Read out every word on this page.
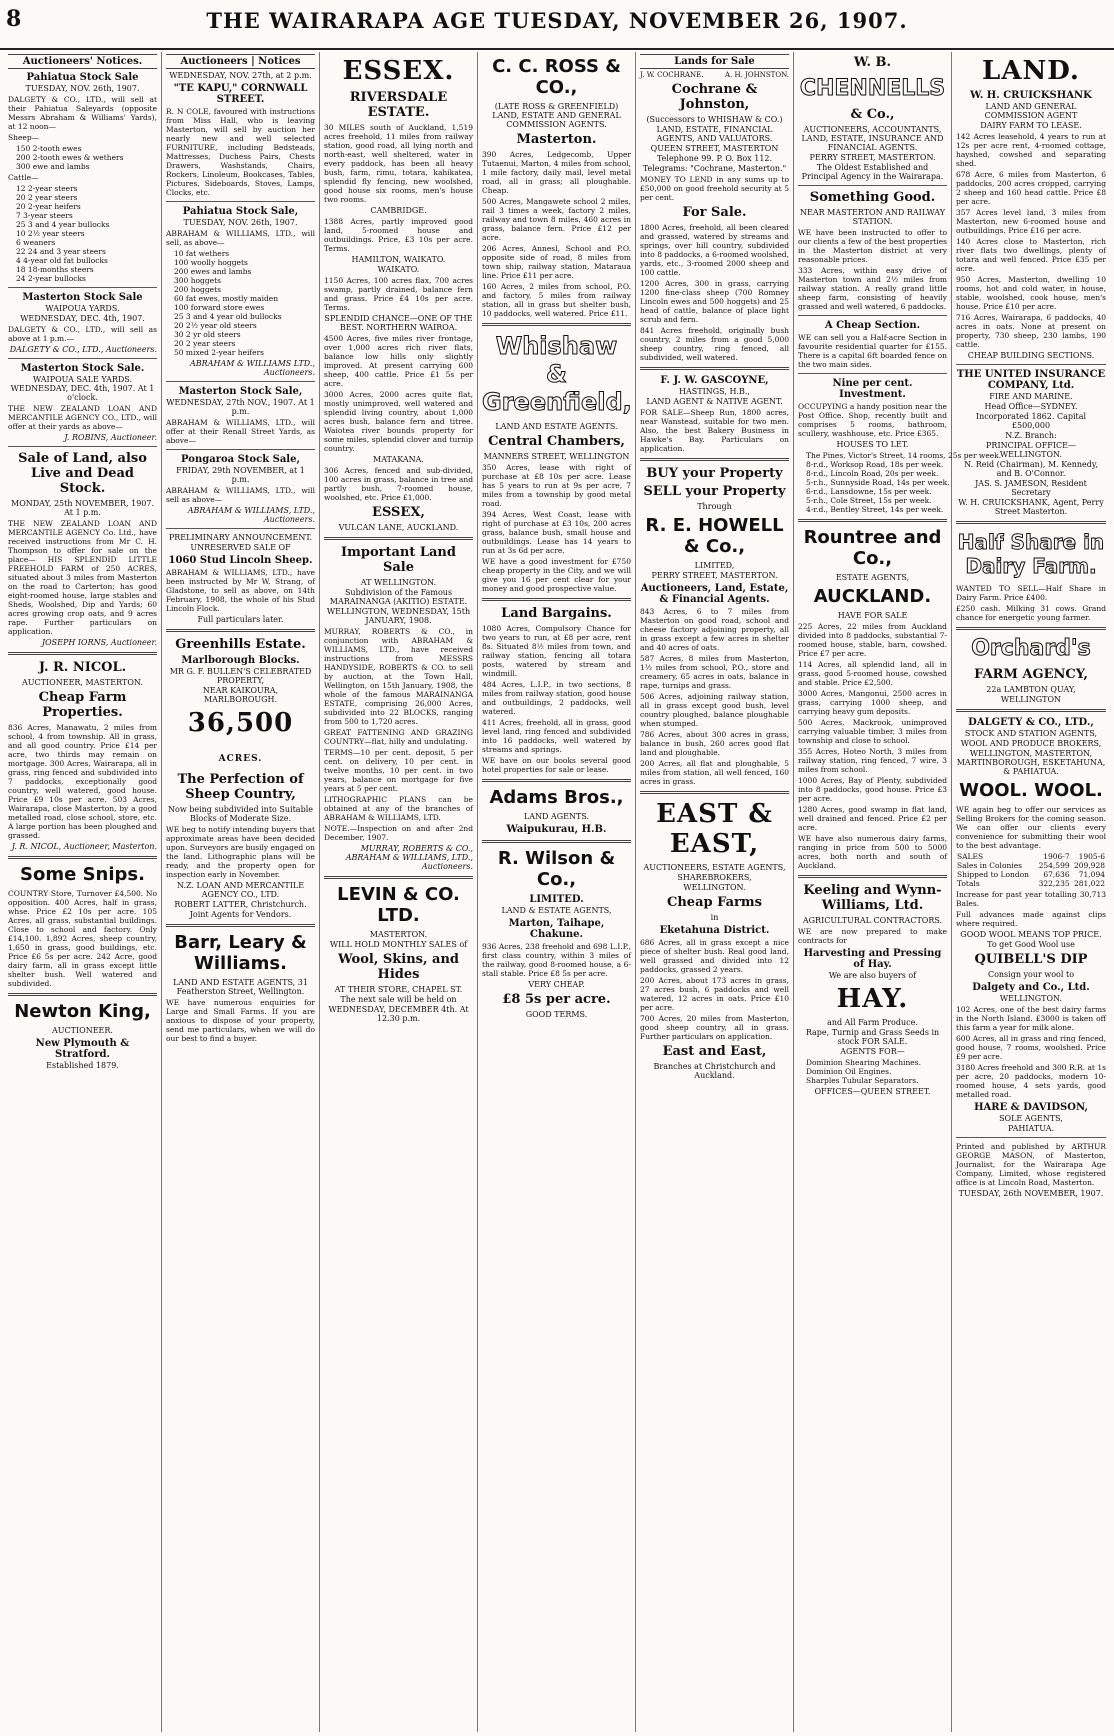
8	THE WAIRARAPA AGE TUESDAY, NOVEMBER 26, 1907.
Auctioneers' Notices.
Pahiatua Stock Sale
TUESDAY, NOV. 26th, 1907.
DALGETY & CO., LTD., will sell at their Pahiatua Saleyards (opposite Messrs Abraham & Williams' Yards), at 12 noon—
Sheep—
150 2-tooth ewes
200 2-tooth ewes & wethers
300 ewe and lambs
Cattle—
12 2-year steers
20 2 year steers
20 2-year heifers
7 3-year steers
25 3 and 4 year bullocks
10 2½ year steers
6 weaners
22 24 and 3 year steers
4 4-year old fat bullocks
18 18-months steers
24 2-year bullocks
Masterton Stock Sale
WAIPOUA YARDS.
WEDNESDAY, DEC. 4th, 1907.
DALGETY & CO., LTD., will sell as above at 1 p.m.—
DALGETY & CO., LTD., Auctioneers.
Masterton Stock Sale.
WAIPOUA SALE YARDS. WEDNESDAY, DEC. 4th, 1907. At 1 o'clock.
THE NEW ZEALAND LOAN AND MERCANTILE AGENCY CO., LTD., will offer at their yards as above—
J. ROBINS, Auctioneer.
Sale of Land, also Live and Dead Stock.
MONDAY, 25th NOVEMBER, 1907. At 1 p.m.
THE NEW ZEALAND LOAN AND MERCANTILE AGENCY Co. Ltd., have received instructions from Mr C. H. Thompson to offer for sale on the place— HIS SPLENDID LITTLE FREEHOLD FARM of 250 ACRES, situated about 3 miles from Masterton on the road to Carterton; has good eight-roomed house, large stables and Sheds, Woolshed, Dip and Yards; 60 acres growing crop oats, and 9 acres rape. Further particulars on application.
JOSEPH IORNS, Auctioneer.
J. R. NICOL.
AUCTIONEER, MASTERTON.
Cheap Farm Properties.
836 Acres, Manawatu, 2 miles from school, 4 from township. All in grass, and all good country. Price £14 per acre, two thirds may remain on mortgage. 300 Acres, Wairarapa, all in grass, ring fenced and subdivided into 7 paddocks, exceptionally good country, well watered, good house. Price £9 10s per acre. 503 Acres, Wairarapa, close Masterton, by a good metalled road, close school, store, etc. A large portion has been ploughed and grassed.
J. R. NICOL, Auctioneer, Masterton.
Some Snips.
COUNTRY Store, Turnover £4,500. No opposition. 400 Acres, half in grass, whse. Price £2 10s per acre. 105 Acres, all grass, substantial buildings. Close to school and factory. Only £14,100. 1,892 Acres, sheep country, 1,650 in grass, good buildings, etc. Price £6 5s per acre. 242 Acre, good dairy farm, all in grass except little shelter bush. Well watered and subdivided.
Newton King,
AUCTIONEER.
New Plymouth & Stratford.
Established 1879.
Auctioneers | Notices
WEDNESDAY, NOV. 27th, at 2 p.m.
"TE KAPU," CORNWALL STREET.
R. N COLE, favoured with instructions from Miss Hall, who is leaving Masterton, will sell by auction her nearly new and well selected FURNITURE, including Bedsteads, Mattresses, Duchess Pairs, Chests Drawers, Washstands, Chairs, Rockers, Linoleum, Bookcases, Tables, Pictures, Sideboards, Stoves, Lamps, Clocks, etc.
Pahiatua Stock Sale,
TUESDAY, NOV. 26th, 1907.
ABRAHAM & WILLIAMS, LTD., will sell, as above—
10 fat wethers
100 woolly hoggets
200 ewes and lambs
300 hoggets
200 hoggets
60 fat ewes, mostly maiden
100 forward store ewes
25 3 and 4 year old bullocks
20 2½ year old steers
30 2 yr old steers
20 2 year steers
50 mixed 2-year heifers
ABRAHAM & WILLIAMS LTD., Auctioneers.
Masterton Stock Sale,
WEDNESDAY, 27th NOV., 1907. At 1 p.m.
ABRAHAM & WILLIAMS, LTD., will offer at their Renall Street Yards, as above—
Pongaroa Stock Sale,
FRIDAY, 29th NOVEMBER, at 1 p.m.
ABRAHAM & WILLIAMS, LTD., will sell as above—
ABRAHAM & WILLIAMS, LTD., Auctioneers.
PRELIMINARY ANNOUNCEMENT.
UNRESERVED SALE OF
1060 Stud Lincoln Sheep.
ABRAHAM & WILLIAMS, LTD., have been instructed by Mr W. Strang, of Gladstone, to sell as above, on 14th February, 1908, the whole of his Stud Lincoln Flock.
Full particulars later.
Greenhills Estate.
Marlborough Blocks.
MR G. F. BULLEN'S CELEBRATED PROPERTY,
NEAR KAIKOURA, MARLBOROUGH.
36,500 ACRES.
The Perfection of Sheep Country,
Now being subdivided into Suitable Blocks of Moderate Size.
WE beg to notify intending buyers that approximate areas have been decided upon. Surveyors are busily engaged on the land. Lithographic plans will be ready, and the property open for inspection early in November.
N.Z. LOAN AND MERCANTILE AGENCY CO., LTD.
ROBERT LATTER, Christchurch.
Joint Agents for Vendors.
Barr, Leary & Williams.
LAND AND ESTATE AGENTS, 31 Featherston Street, Wellington.
WE have numerous enquiries for Large and Small Farms. If you are anxious to dispose of your property, send me particulars, when we will do our best to find a buyer.
ESSEX.
RIVERSDALE ESTATE.
30 MILES south of Auckland, 1,519 acres freehold, 11 miles from railway station, good road, all lying north and north-east, well sheltered, water in every paddock, has been all heavy bush, farm, rimu, totara, kahikatea, splendid fly fencing, new woolshed, good house six rooms, men's house two rooms.
CAMBRIDGE.
1388 Acres, partly improved good land, 5-roomed house and outbuildings. Price, £3 10s per acre. Terms.
HAMILTON, WAIKATO.
WAIKATO.
1150 Acres, 100 acres flax, 700 acres swamp, partly drained, balance fern and grass. Price £4 10s per acre. Terms.
SPLENDID CHANCE—ONE OF THE BEST. NORTHERN WAIROA.
4500 Acres, five miles river frontage, over 1,000 acres rich river flats, balance low hills only slightly improved. At present carrying 600 sheep, 400 cattle. Price £1 5s per acre.
3000 Acres, 2000 acres quite flat, mostly unimproved, well watered and splendid living country, about 1,000 acres bush, balance fern and titree. Waiotea river bounds property for some miles, splendid clover and turnip country.
MATAKANA.
306 Acres, fenced and sub-divided, 100 acres in grass, balance in tree and partly bush, 7-roomed house, woolshed, etc. Price £1,000.
ESSEX,
VULCAN LANE, AUCKLAND.
Important Land Sale
AT WELLINGTON.
Subdivision of the Famous MARAINANGA (AKITIO) ESTATE.
WELLINGTON, WEDNESDAY, 15th JANUARY, 1908.
MURRAY, ROBERTS & CO., in conjunction with ABRAHAM & WILLIAMS, LTD., have received instructions from MESSRS HANDYSIDE, ROBERTS & CO. to sell by auction, at the Town Hall, Wellington, on 15th January, 1908, the whole of the famous MARAINANGA ESTATE, comprising 26,000 Acres, subdivided into 22 BLOCKS, ranging from 500 to 1,720 acres.
GREAT FATTENING AND GRAZING COUNTRY—flat, hilly and undulating.
TERMS—10 per cent. deposit, 5 per cent. on delivery, 10 per cent. in twelve months, 10 per cent. in two years, balance on mortgage for five years at 5 per cent.
LITHOGRAPHIC PLANS can be obtained at any of the branches of ABRAHAM & WILLIAMS, LTD.
NOTE.—Inspection on and after 2nd December, 1907.
MURRAY, ROBERTS & CO., ABRAHAM & WILLIAMS, LTD., Auctioneers.
LEVIN & CO. LTD.
MASTERTON.
WILL HOLD MONTHLY SALES of
Wool, Skins, and Hides
AT THEIR STORE, CHAPEL ST.
The next sale will be held on
WEDNESDAY, DECEMBER 4th. At 12.30 p.m.
C. C. ROSS & CO.,
(LATE ROSS & GREENFIELD) LAND, ESTATE AND GENERAL COMMISSION AGENTS.
Masterton.
390 Acres, Ledgecomb, Upper Tutaenui, Marton, 4 miles from school, 1 mile factory, daily mail, level metal road, all in grass; all ploughable. Cheap.
500 Acres, Mangawete school 2 miles, rail 3 times a week, factory 2 miles, railway and town 8 miles, 460 acres in grass, balance fern. Price £12 per acre.
206 Acres, Annesl, School and P.O. opposite side of road, 8 miles from town ship, railway station, Mataraua line. Price £11 per acre.
160 Acres, 2 miles from school, P.O. and factory, 5 miles from railway station, all in grass but shelter bush, 10 paddocks, well watered. Price £11.
Whishaw & Greenfield,
LAND AND ESTATE AGENTS.
Central Chambers,
MANNERS STREET, WELLINGTON
350 Acres, lease with right of purchase at £8 10s per acre. Lease has 5 years to run at 9s per acre, 7 miles from a township by good metal road.
394 Acres, West Coast, lease with right of purchase at £3 10s, 200 acres grass, balance bush, small house and outbuildings. Lease has 14 years to run at 3s 6d per acre.
WE have a good investment for £750 cheap property in the City, and we will give you 16 per cent clear for your money and good prospective value.
Land Bargains.
1080 Acres, Compulsory Chance for two years to run, at £8 per acre, rent 8s. Situated 8½ miles from town, and railway station, fencing all totara posts, watered by stream and windmill.
484 Acres, L.I.P., in two sections, 8 miles from railway station, good house and outbuildings, 2 paddocks, well watered.
411 Acres, freehold, all in grass, good level land, ring fenced and subdivided into 16 paddocks, well watered by streams and springs.
WE have on our books several good hotel properties for sale or lease.
Adams Bros.,
LAND AGENTS.
Waipukurau, H.B.
R. Wilson & Co.,
LIMITED.
LAND & ESTATE AGENTS,
Marton, Taihape, Chakune.
936 Acres, 238 freehold and 698 L.I.P., first class country, within 3 miles of the railway, good 8-roomed house, a 6-stall stable. Price £8 5s per acre.
VERY CHEAP.
£8 5s per acre.
GOOD TERMS.
Lands for Sale
J. W. COCHRANE.	A. H. JOHNSTON.
Cochrane & Johnston,
(Successors to WHISHAW & CO.)
LAND, ESTATE, FINANCIAL AGENTS, AND VALUATORS.
QUEEN STREET, MASTERTON
Telephone 99. P. O. Box 112.
Telegrams: "Cochrane, Masterton."
MONEY TO LEND in any sums up to £50,000 on good freehold security at 5 per cent.
For Sale.
1800 Acres, freehold, all been cleared and grassed, watered by streams and springs, over hill country, subdivided into 8 paddocks, a 6-roomed woolshed, yards, etc., 3-roomed 2000 sheep and 100 cattle.
1200 Acres, 300 in grass, carrying 1200 fine-class sheep (700 Romney Lincoln ewes and 500 hoggets) and 25 head of cattle, balance of place light scrub and fern.
841 Acres freehold, originally bush country, 2 miles from a good 5,000 sheep country, ring fenced, all subdivided, well watered.
F. J. W. GASCOYNE,
HASTINGS, H.B.,
LAND AGENT & NATIVE AGENT.
FOR SALE—Sheep Run, 1800 acres, near Wanstead, suitable for two men. Also, the best Bakery Business in Hawke's Bay. Particulars on application.
BUY your Property
SELL your Property
Through
R. E. HOWELL & Co.,
LIMITED,
PERRY STREET, MASTERTON.
Auctioneers, Land, Estate, & Financial Agents.
843 Acres, 6 to 7 miles from Masterton on good road, school and cheese factory adjoining property, all in grass except a few acres in shelter and 40 acres of oats.
587 Acres, 8 miles from Masterton, 1½ miles from school, P.O., store and creamery, 65 acres in oats, balance in rape, turnips and grass.
506 Acres, adjoining railway station, all in grass except good bush, level country ploughed, balance ploughable when stumped.
786 Acres, about 300 acres in grass, balance in bush, 260 acres good flat land and ploughable.
200 Acres, all flat and ploughable, 5 miles from station, all well fenced, 160 acres in grass.
EAST & EAST,
AUCTIONEERS, ESTATE AGENTS,
SHAREBROKERS,
WELLINGTON.
Cheap Farms
in
Eketahuna District.
686 Acres, all in grass except a nice piece of shelter bush. Real good land, well grassed and divided into 12 paddocks, grassed 2 years.
200 Acres, about 173 acres in grass, 27 acres bush, 6 paddocks and well watered, 12 acres in oats. Price £10 per acre.
700 Acres, 20 miles from Masterton, good sheep country, all in grass. Further particulars on application.
East and East,
Branches at Christchurch and Auckland.
W. B.
CHENNELLS
& Co.,
AUCTIONEERS, ACCOUNTANTS, LAND, ESTATE, INSURANCE AND FINANCIAL AGENTS.
PERRY STREET, MASTERTON.
The Oldest Established and Principal Agency in the Wairarapa.
Something Good.
NEAR MASTERTON AND RAILWAY STATION.
WE have been instructed to offer to our clients a few of the best properties in the Masterton district at very reasonable prices.
333 Acres, within easy drive of Masterton town and 2½ miles from railway station. A really grand little sheep farm, consisting of heavily grassed and well watered, 6 paddocks.
A Cheap Section.
WE can sell you a Half-acre Section in favourite residential quarter for £155. There is a capital 6ft boarded fence on the two main sides.
Nine per cent. Investment.
OCCUPYING a handy position near the Post Office. Shop, recently built and comprises 5 rooms, bathroom, scullery, washhouse, etc. Price £365.
HOUSES TO LET.
The Pines, Victor's Street, 14 rooms, 25s per week.
8-r.d., Worksop Road, 18s per week.
8-r.d., Lincoln Road, 20s per week.
5-r.h., Sunnyside Road, 14s per week.
6-r.d., Lansdowne, 15s per week.
5-r.h., Cole Street, 15s per week.
4-r.d., Bentley Street, 14s per week.
Rountree and Co.,
ESTATE AGENTS,
AUCKLAND.
HAVE FOR SALE
225 Acres, 22 miles from Auckland divided into 8 paddocks, substantial 7-roomed house, stable, barn, cowshed. Price £7 per acre.
114 Acres, all splendid land, all in grass, good 5-roomed house, cowshed and stable. Price £2,500.
3000 Acres, Mangonui, 2500 acres in grass, carrying 1000 sheep, and carrying heavy gum deposits.
500 Acres, Mackrook, unimproved carrying valuable timber, 3 miles from township and close to school.
355 Acres, Hoteo North, 3 miles from railway station, ring fenced, 7 wire, 3 miles from school.
1000 Acres, Bay of Plenty, subdivided into 8 paddocks, good house. Price £3 per acre.
1280 Acres, good swamp in flat land, well drained and fenced. Price £2 per acre.
WE have also numerous dairy farms, ranging in price from 500 to 5000 acres, both north and south of Auckland.
Keeling and Wynn-Williams, Ltd.
AGRICULTURAL CONTRACTORS.
WE are now prepared to make contracts for
Harvesting and Pressing of Hay.
We are also buyers of
HAY.
and All Farm Produce.
Rape, Turnip and Grass Seeds in stock FOR SALE.
AGENTS FOR—
Dominion Shearing Machines.
Dominion Oil Engines.
Sharples Tubular Separators.
OFFICES—QUEEN STREET.
LAND.
W. H. CRUICKSHANK
LAND AND GENERAL COMMISSION AGENT
DAIRY FARM TO LEASE.
142 Acres leasehold, 4 years to run at 12s per acre rent, 4-roomed cottage, hayshed, cowshed and separating shed.
678 Acre, 6 miles from Masterton, 6 paddocks, 200 acres cropped, carrying 2 sheep and 160 head cattle. Price £8 per acre.
357 Acres level land, 3 miles from Masterton, new 6-roomed house and outbuildings. Price £16 per acre.
140 Acres close to Masterton, rich river flats two dwellings, plenty of totara and well fenced. Price £35 per acre.
950 Acres, Masterton, dwelling 10 rooms, hot and cold water, in house, stable, woolshed, cook house, men's house. Price £10 per acre.
716 Acres, Wairarapa, 6 paddocks, 40 acres in oats. None at present on property, 730 sheep, 230 lambs, 190 cattle.
CHEAP BUILDING SECTIONS.
THE UNITED INSURANCE COMPANY, Ltd.
FIRE AND MARINE.
Head Office—SYDNEY.
Incorporated 1862. Capital £500,000
N.Z. Branch:
PRINCIPAL OFFICE—WELLINGTON.
N. Reid (Chairman), M. Kennedy, and B. O'Connor.
JAS. S. JAMESON, Resident Secretary
W. H. CRUICKSHANK, Agent, Perry Street Masterton.
Half Share in Dairy Farm.
WANTED TO SELL—Half Share in Dairy Farm. Price £400.
£250 cash. Milking 31 cows. Grand chance for energetic young farmer.
Orchard's
FARM AGENCY,
22a LAMBTON QUAY,
WELLINGTON
DALGETY & CO., LTD.,
STOCK AND STATION AGENTS,
WOOL AND PRODUCE BROKERS,
WELLINGTON, MASTERTON, MARTINBOROUGH, ESKETAHUNA, & PAHIATUA.
WOOL. WOOL.
WE again beg to offer our services as Selling Brokers for the coming season. We can offer our clients every convenience for submitting their wool to the best advantage.
SALES	1906-7	1905-6
Sales in Colonies	254,599	209,928
Shipped to London	67,636	71,094
Totals	322,235	281,022
Increase for past year totalling 30,713 Bales.
Full advances made against clips where required.
GOOD WOOL MEANS TOP PRICE.
To get Good Wool use
QUIBELL'S DIP
Consign your wool to
Dalgety and Co., Ltd.
WELLINGTON.
102 Acres, one of the best dairy farms in the North Island. £3000 is taken off this farm a year for milk alone.
600 Acres, all in grass and ring fenced, good house, 7 rooms, woolshed. Price £9 per acre.
3180 Acres freehold and 300 R.R. at 1s per acre, 20 paddocks, modern 10-roomed house, 4 sets yards, good metalled road.
HARE & DAVIDSON,
SOLE AGENTS,
PAHIATUA.
Printed and published by ARTHUR GEORGE MASON, of Masterton, Journalist, for the Wairarapa Age Company, Limited, whose registered office is at Lincoln Road, Masterton.
TUESDAY, 26th NOVEMBER, 1907.
